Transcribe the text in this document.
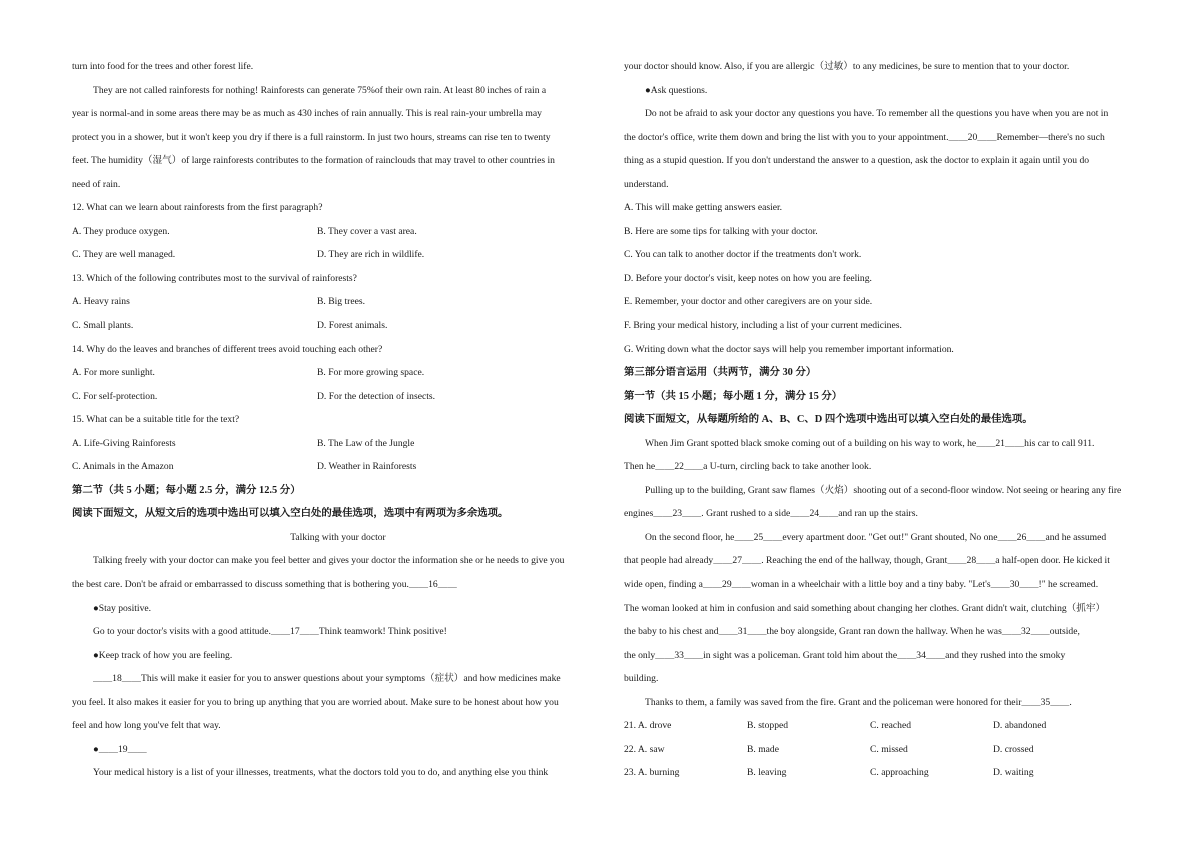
turn into food for the trees and other forest life.
They are not called rainforests for nothing! Rainforests can generate 75%of their own rain. At least 80 inches of rain a
year is normal-and in some areas there may be as much as 430 inches of rain annually. This is real rain-your umbrella may
protect you in a shower, but it won't keep you dry if there is a full rainstorm. In just two hours, streams can rise ten to twenty
feet. The humidity（湿气）of large rainforests contributes to the formation of rainclouds that may travel to other countries in
need of rain.
12. What can we learn about rainforests from the first paragraph?
A. They produce oxygen.	B. They cover a vast area.
C. They are well managed.	D. They are rich in wildlife.
13. Which of the following contributes most to the survival of rainforests?
A. Heavy rains	B. Big trees.
C. Small plants.	D. Forest animals.
14. Why do the leaves and branches of different trees avoid touching each other?
A. For more sunlight.	B. For more growing space.
C. For self-protection.	D. For the detection of insects.
15. What can be a suitable title for the text?
A. Life-Giving Rainforests	B. The Law of the Jungle
C. Animals in the Amazon	D. Weather in Rainforests
第二节（共 5 小题；每小题 2.5 分，满分 12.5 分）
阅读下面短文，从短文后的选项中选出可以填入空白处的最佳选项，选项中有两项为多余选项。
Talking with your doctor
Talking freely with your doctor can make you feel better and gives your doctor the information she or he needs to give you
the best care. Don't be afraid or embarrassed to discuss something that is bothering you.＿＿16＿＿
●Stay positive.
Go to your doctor's visits with a good attitude.＿＿17＿＿Think teamwork! Think positive!
●Keep track of how you are feeling.
＿＿18＿＿This will make it easier for you to answer questions about your symptoms（症状）and how medicines make
you feel. It also makes it easier for you to bring up anything that you are worried about. Make sure to be honest about how you
feel and how long you've felt that way.
●＿＿19＿＿
Your medical history is a list of your illnesses, treatments, what the doctors told you to do, and anything else you think
your doctor should know. Also, if you are allergic（过敏）to any medicines, be sure to mention that to your doctor.
●Ask questions.
Do not be afraid to ask your doctor any questions you have. To remember all the questions you have when you are not in
the doctor's office, write them down and bring the list with you to your appointment.＿＿20＿＿Remember—there's no such
thing as a stupid question. If you don't understand the answer to a question, ask the doctor to explain it again until you do
understand.
A. This will make getting answers easier.
B. Here are some tips for talking with your doctor.
C. You can talk to another doctor if the treatments don't work.
D. Before your doctor's visit, keep notes on how you are feeling.
E. Remember, your doctor and other caregivers are on your side.
F. Bring your medical history, including a list of your current medicines.
G. Writing down what the doctor says will help you remember important information.
第三部分语言运用（共两节，满分 30 分）
第一节（共 15 小题；每小题 1 分，满分 15 分）
阅读下面短文，从每题所给的 A、B、C、D 四个选项中选出可以填入空白处的最佳选项。
When Jim Grant spotted black smoke coming out of a building on his way to work, he＿＿21＿＿his car to call 911.
Then he＿＿22＿＿a U-turn, circling back to take another look.
Pulling up to the building, Grant saw flames（火焰）shooting out of a second-floor window. Not seeing or hearing any fire
engines＿＿23＿＿. Grant rushed to a side＿＿24＿＿and ran up the stairs.
On the second floor, he＿＿25＿＿every apartment door. "Get out!" Grant shouted, No one＿＿26＿＿and he assumed
that people had already＿＿27＿＿. Reaching the end of the hallway, though, Grant＿＿28＿＿a half-open door. He kicked it
wide open, finding a＿＿29＿＿woman in a wheelchair with a little boy and a tiny baby. "Let's＿＿30＿＿!" he screamed.
The woman looked at him in confusion and said something about changing her clothes. Grant didn't wait, clutching（抓牢）
the baby to his chest and＿＿31＿＿the boy alongside, Grant ran down the hallway. When he was＿＿32＿＿outside,
the only＿＿33＿＿in sight was a policeman. Grant told him about the＿＿34＿＿and they rushed into the smoky
building.
Thanks to them, a family was saved from the fire. Grant and the policeman were honored for their＿＿35＿＿.
21. A. drove	B. stopped	C. reached	D. abandoned
22. A. saw	B. made	C. missed	D. crossed
23. A. burning	B. leaving	C. approaching	D. waiting
